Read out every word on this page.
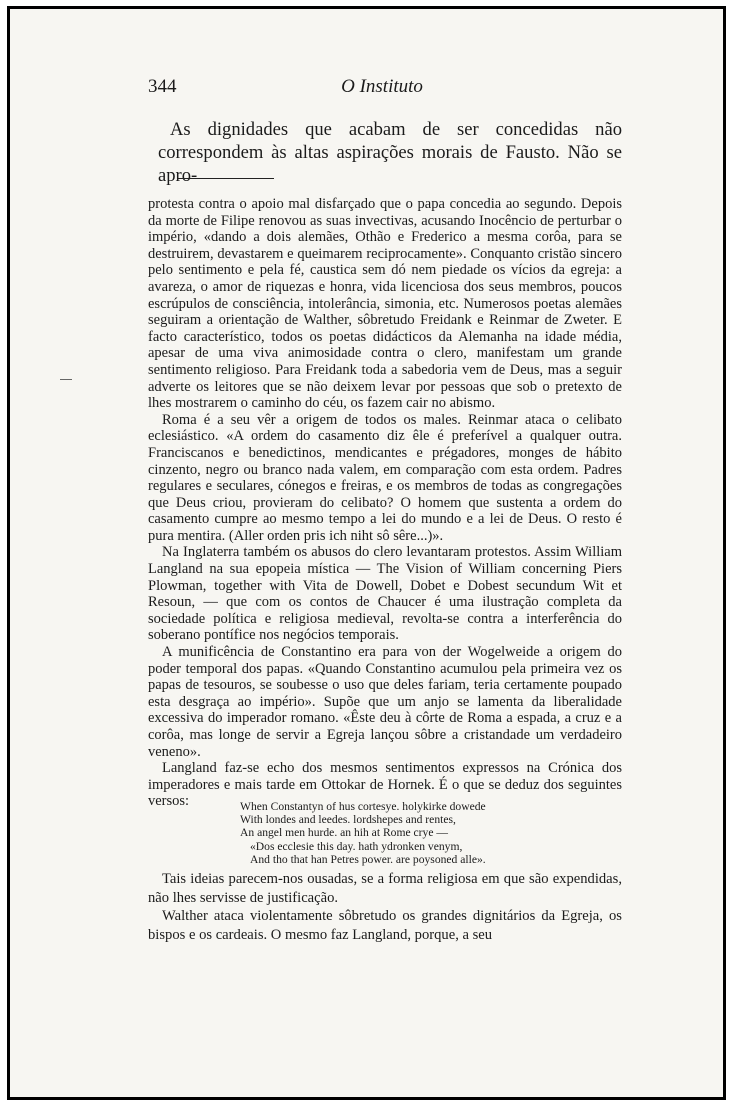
344	O Instituto

As dignidades que acabam de ser concedidas não correspondem às altas aspirações morais de Fausto. Não se apro-

protesta contra o apoio mal disfarçado que o papa concedia ao segundo. Depois da morte de Filipe renovou as suas invectivas, acusando Inocêncio de perturbar o império, «dando a dois alemães, Othão e Frederico a mesma corôa, para se destruirem, devastarem e queimarem reciprocamente». Conquanto cristão sincero pelo sentimento e pela fé, caustica sem dó nem piedade os vícios da egreja: a avareza, o amor de riquezas e honra, vida licenciosa dos seus membros, poucos escrúpulos de consciência, intolerância, simonia, etc. Numerosos poetas alemães seguiram a orientação de Walther, sôbretudo Freidank e Reinmar de Zweter. E facto característico, todos os poetas didácticos da Alemanha na idade média, apesar de uma viva animosidade contra o clero, manifestam um grande sentimento religioso. Para Freidank toda a sabedoria vem de Deus, mas a seguir adverte os leitores que se não deixem levar por pessoas que sob o pretexto de lhes mostrarem o caminho do céu, os fazem cair no abismo.

Roma é a seu vêr a origem de todos os males. Reinmar ataca o celibato eclesiástico. «A ordem do casamento diz êle é preferível a qualquer outra. Franciscanos e benedictinos, mendicantes e prégadores, monges de hábito cinzento, negro ou branco nada valem, em comparação com esta ordem. Padres regulares e seculares, cónegos e freiras, e os membros de todas as congregações que Deus criou, provieram do celibato? O homem que sustenta a ordem do casamento cumpre ao mesmo tempo a lei do mundo e a lei de Deus. O resto é pura mentira. (Aller orden pris ich niht sô sêre...)».

Na Inglaterra também os abusos do clero levantaram protestos. Assim William Langland na sua epopeia mística — The Vision of William concerning Piers Plowman, together with Vita de Dowell, Dobet e Dobest secundum Wit et Resoun, — que com os contos de Chaucer é uma ilustração completa da sociedade política e religiosa medieval, revolta-se contra a interferência do soberano pontífice nos negócios temporais.

A munificência de Constantino era para von der Wogelweide a origem do poder temporal dos papas. «Quando Constantino acumulou pela primeira vez os papas de tesouros, se soubesse o uso que deles fariam, teria certamente poupado esta desgraça ao império». Supõe que um anjo se lamenta da liberalidade excessiva do imperador romano. «Êste deu à côrte de Roma a espada, a cruz e a corôa, mas longe de servir a Egreja lançou sôbre a cristandade um verdadeiro veneno».

Langland faz-se echo dos mesmos sentimentos expressos na Crónica dos imperadores e mais tarde em Ottokar de Hornek. É o que se deduz dos seguintes versos:	When Constantyn of hus cortesye. holykirke dowede
With londes and leedes. lordshepes and rentes,
An angel men hurde. an hih at Rome crye —
«Dos ecclesie this day. hath ydronken venym,
And tho that han Petres power. are poysoned alle».

Tais ideias parecem-nos ousadas, se a forma religiosa em que são expendidas, não lhes servisse de justificação.

Walther ataca violentamente sôbretudo os grandes dignitários da Egreja, os bispos e os cardeais. O mesmo faz Langland, porque, a seu
